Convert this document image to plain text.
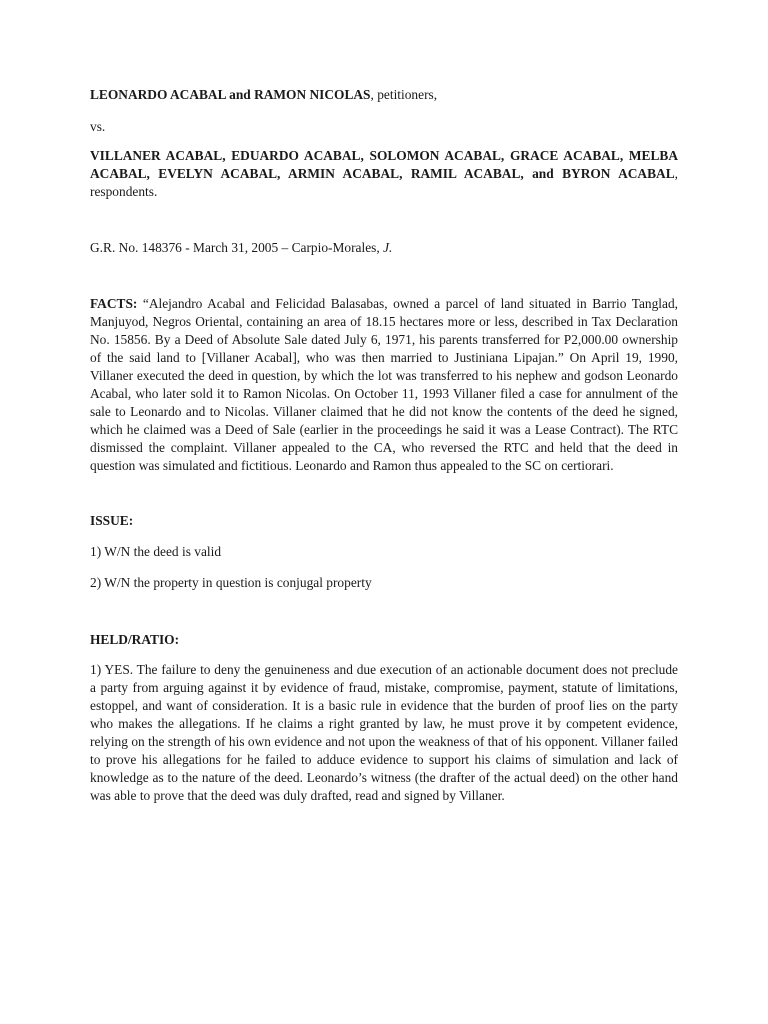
LEONARDO ACABAL and RAMON NICOLAS, petitioners,

vs.

VILLANER ACABAL, EDUARDO ACABAL, SOLOMON ACABAL, GRACE ACABAL, MELBA ACABAL, EVELYN ACABAL, ARMIN ACABAL, RAMIL ACABAL, and BYRON ACABAL, respondents.

G.R. No. 148376 - March 31, 2005 – Carpio-Morales, J.

FACTS: “Alejandro Acabal and Felicidad Balasabas, owned a parcel of land situated in Barrio Tanglad, Manjuyod, Negros Oriental, containing an area of 18.15 hectares more or less, described in Tax Declaration No. 15856. By a Deed of Absolute Sale dated July 6, 1971, his parents transferred for P2,000.00 ownership of the said land to [Villaner Acabal], who was then married to Justiniana Lipajan.” On April 19, 1990, Villaner executed the deed in question, by which the lot was transferred to his nephew and godson Leonardo Acabal, who later sold it to Ramon Nicolas. On October 11, 1993 Villaner filed a case for annulment of the sale to Leonardo and to Nicolas. Villaner claimed that he did not know the contents of the deed he signed, which he claimed was a Deed of Sale (earlier in the proceedings he said it was a Lease Contract). The RTC dismissed the complaint. Villaner appealed to the CA, who reversed the RTC and held that the deed in question was simulated and fictitious. Leonardo and Ramon thus appealed to the SC on certiorari.

ISSUE:

1) W/N the deed is valid

2) W/N the property in question is conjugal property

HELD/RATIO:

1) YES. The failure to deny the genuineness and due execution of an actionable document does not preclude a party from arguing against it by evidence of fraud, mistake, compromise, payment, statute of limitations, estoppel, and want of consideration. It is a basic rule in evidence that the burden of proof lies on the party who makes the allegations. If he claims a right granted by law, he must prove it by competent evidence, relying on the strength of his own evidence and not upon the weakness of that of his opponent. Villaner failed to prove his allegations for he failed to adduce evidence to support his claims of simulation and lack of knowledge as to the nature of the deed. Leonardo’s witness (the drafter of the actual deed) on the other hand was able to prove that the deed was duly drafted, read and signed by Villaner.
